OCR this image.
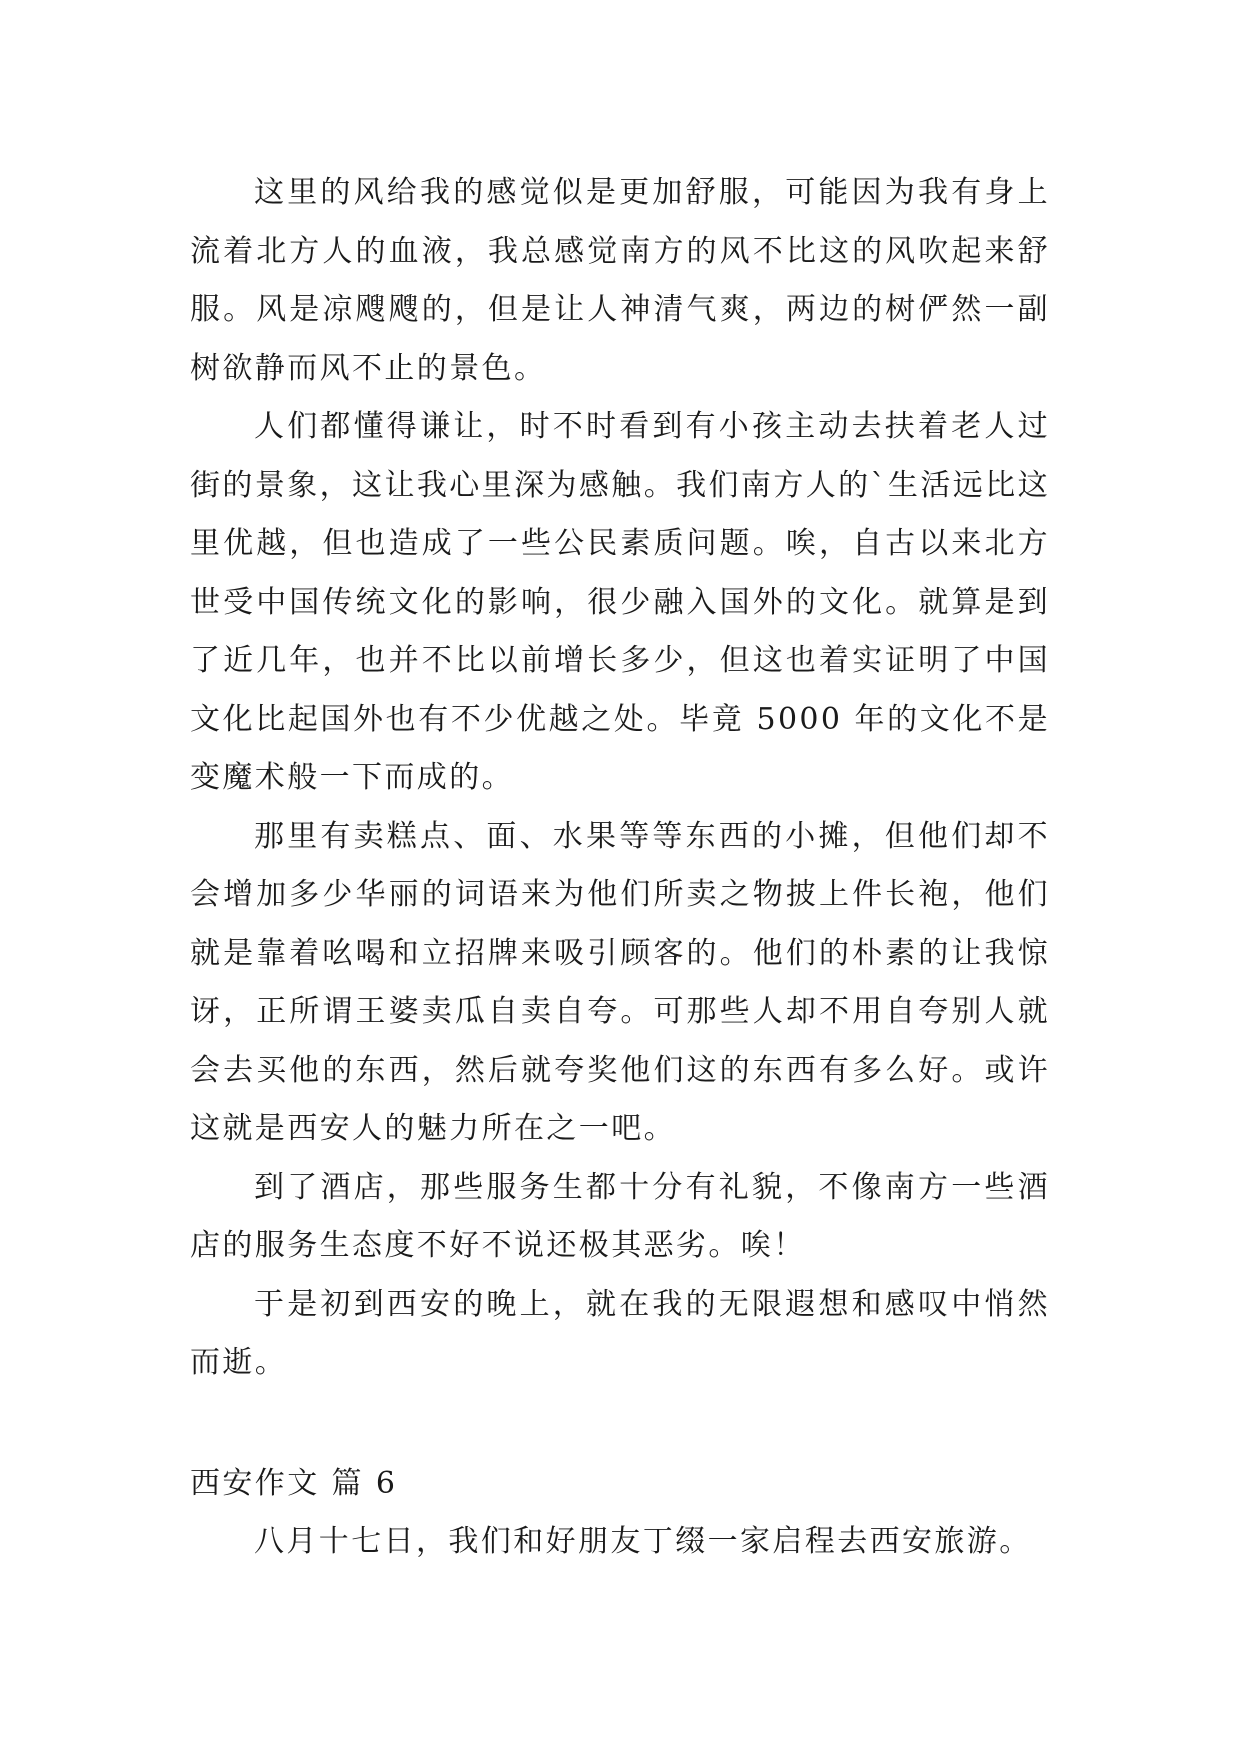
这里的风给我的感觉似是更加舒服，可能因为我有身上流着北方人的血液，我总感觉南方的风不比这的风吹起来舒服。风是凉飕飕的，但是让人神清气爽，两边的树俨然一副树欲静而风不止的景色。

人们都懂得谦让，时不时看到有小孩主动去扶着老人过街的景象，这让我心里深为感触。我们南方人的`生活远比这里优越，但也造成了一些公民素质问题。唉，自古以来北方世受中国传统文化的影响，很少融入国外的文化。就算是到了近几年，也并不比以前增长多少，但这也着实证明了中国文化比起国外也有不少优越之处。毕竟 5000 年的文化不是变魔术般一下而成的。

那里有卖糕点、面、水果等等东西的小摊，但他们却不会增加多少华丽的词语来为他们所卖之物披上件长袍，他们就是靠着吆喝和立招牌来吸引顾客的。他们的朴素的让我惊讶，正所谓王婆卖瓜自卖自夸。可那些人却不用自夸别人就会去买他的东西，然后就夸奖他们这的东西有多么好。或许这就是西安人的魅力所在之一吧。

到了酒店，那些服务生都十分有礼貌，不像南方一些酒店的服务生态度不好不说还极其恶劣。唉！

于是初到西安的晚上，就在我的无限遐想和感叹中悄然而逝。

西安作文 篇 6

八月十七日，我们和好朋友丁缀一家启程去西安旅游。
